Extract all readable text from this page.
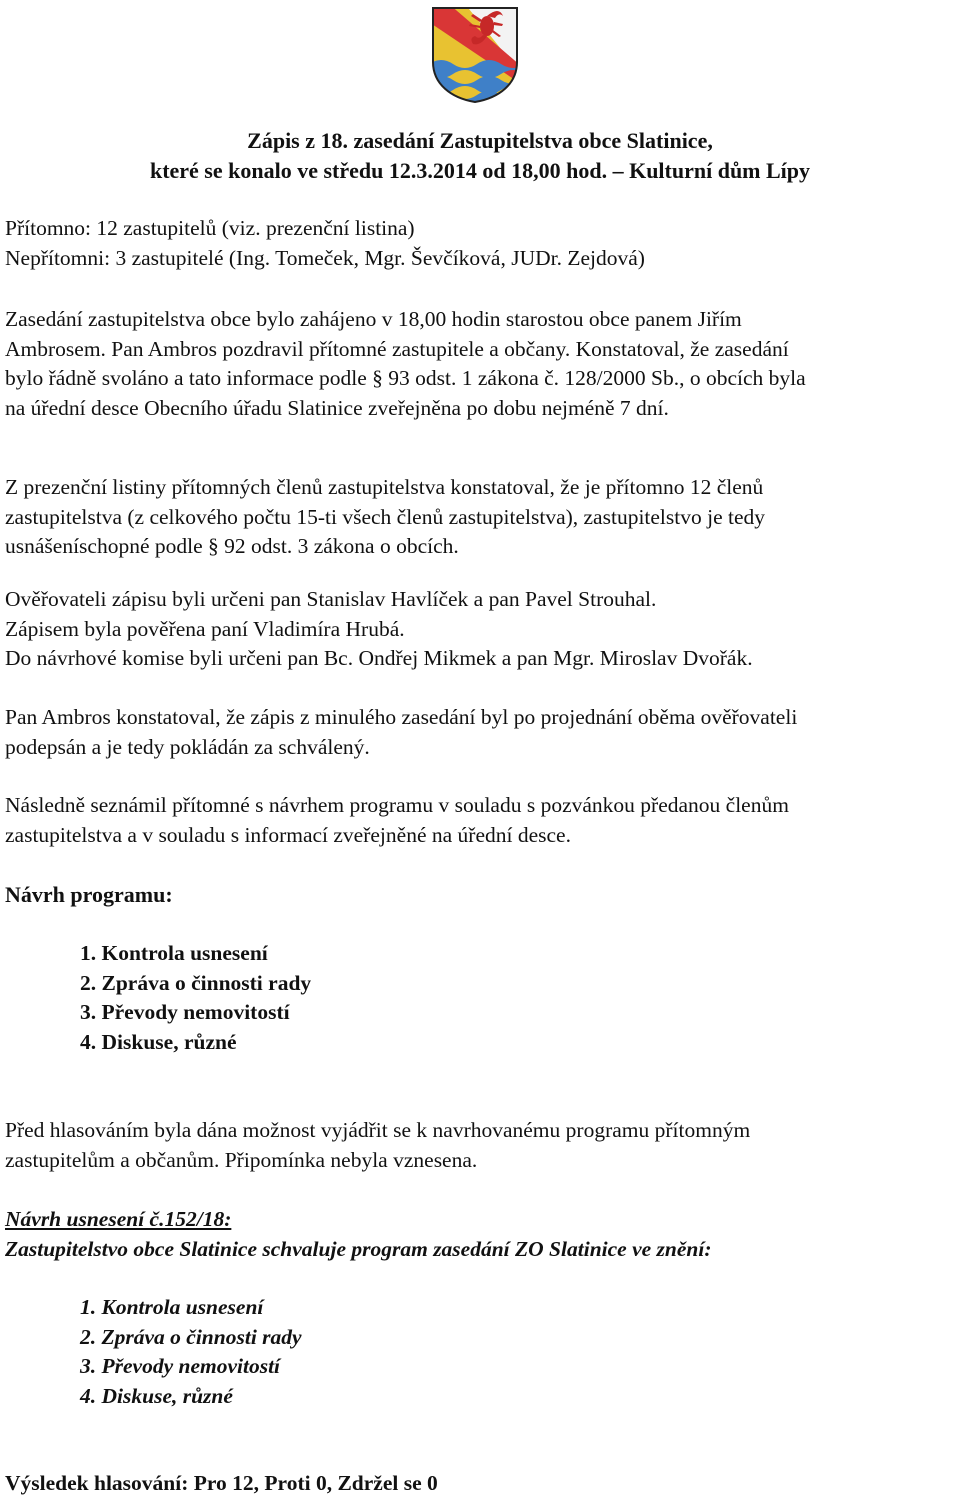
Zápis z 18. zasedání Zastupitelstva obce Slatinice,
které se konalo ve středu 12.3.2014 od 18,00 hod. – Kulturní dům Lípy
Přítomno: 12 zastupitelů (viz. prezenční listina)
Nepřítomni: 3 zastupitelé (Ing. Tomeček, Mgr. Ševčíková, JUDr. Zejdová)
Zasedání zastupitelstva obce bylo zahájeno v 18,00 hodin starostou obce panem Jiřím
Ambrosem. Pan Ambros pozdravil přítomné zastupitele a občany. Konstatoval, že zasedání
bylo řádně svoláno a tato informace podle § 93 odst. 1 zákona č. 128/2000 Sb., o obcích byla
na úřední desce Obecního úřadu Slatinice zveřejněna po dobu nejméně 7 dní.
Z prezenční listiny přítomných členů zastupitelstva konstatoval, že je přítomno 12 členů
zastupitelstva (z celkového počtu 15-ti všech členů zastupitelstva), zastupitelstvo je tedy
usnášeníschopné podle § 92 odst. 3 zákona o obcích.
Ověřovateli zápisu byli určeni pan Stanislav Havlíček a pan Pavel Strouhal.
Zápisem byla pověřena paní Vladimíra Hrubá.
Do návrhové komise byli určeni pan Bc. Ondřej Mikmek a pan Mgr. Miroslav Dvořák.
Pan Ambros konstatoval, že zápis z minulého zasedání byl po projednání oběma ověřovateli
podepsán a je tedy pokládán za schválený.
Následně seznámil přítomné s návrhem programu v souladu s pozvánkou předanou členům
zastupitelstva a v souladu s informací zveřejněné na úřední desce.
Návrh programu:
1. Kontrola usnesení
2. Zpráva o činnosti rady
3. Převody nemovitostí
4. Diskuse, různé
Před hlasováním byla dána možnost vyjádřit se k navrhovanému programu přítomným
zastupitelům a občanům. Připomínka nebyla vznesena.
Návrh usnesení č.152/18:
Zastupitelstvo obce Slatinice schvaluje program zasedání ZO Slatinice ve znění:
1. Kontrola usnesení
2. Zpráva o činnosti rady
3. Převody nemovitostí
4. Diskuse, různé
Výsledek hlasování: Pro 12, Proti 0, Zdržel se 0
